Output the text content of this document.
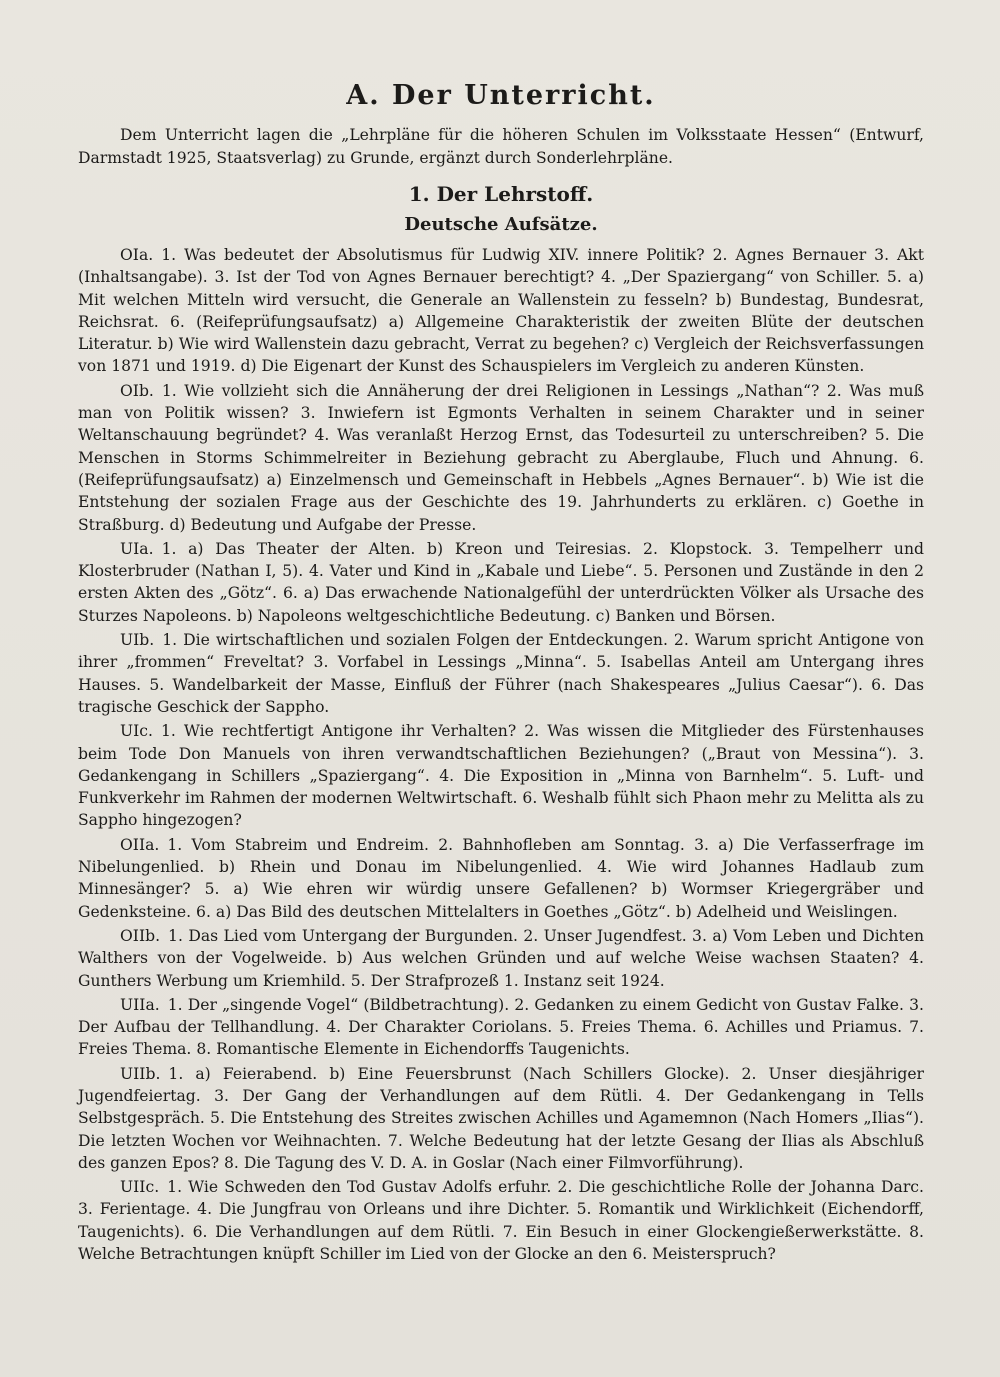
A. Der Unterricht.

Dem Unterricht lagen die „Lehrpläne für die höheren Schulen im Volksstaate Hessen“ (Entwurf, Darmstadt 1925, Staatsverlag) zu Grunde, ergänzt durch Sonderlehrpläne.

1. Der Lehrstoff.
Deutsche Aufsätze.

OIa. 1. Was bedeutet der Absolutismus für Ludwig XIV. innere Politik? 2. Agnes Bernauer 3. Akt (Inhaltsangabe). 3. Ist der Tod von Agnes Bernauer berechtigt? 4. „Der Spaziergang“ von Schiller. 5. a) Mit welchen Mitteln wird versucht, die Generale an Wallenstein zu fesseln? b) Bundestag, Bundesrat, Reichsrat. 6. (Reifeprüfungsaufsatz) a) Allgemeine Charakteristik der zweiten Blüte der deutschen Literatur. b) Wie wird Wallenstein dazu gebracht, Verrat zu begehen? c) Vergleich der Reichsverfassungen von 1871 und 1919. d) Die Eigenart der Kunst des Schauspielers im Vergleich zu anderen Künsten.

OIb. 1. Wie vollzieht sich die Annäherung der drei Religionen in Lessings „Nathan“? 2. Was muß man von Politik wissen? 3. Inwiefern ist Egmonts Verhalten in seinem Charakter und in seiner Weltanschauung begründet? 4. Was veranlaßt Herzog Ernst, das Todesurteil zu unterschreiben? 5. Die Menschen in Storms Schimmelreiter in Beziehung gebracht zu Aberglaube, Fluch und Ahnung. 6. (Reifeprüfungsaufsatz) a) Einzelmensch und Gemeinschaft in Hebbels „Agnes Bernauer“. b) Wie ist die Entstehung der sozialen Frage aus der Geschichte des 19. Jahrhunderts zu erklären. c) Goethe in Straßburg. d) Bedeutung und Aufgabe der Presse.

UIa. 1. a) Das Theater der Alten. b) Kreon und Teiresias. 2. Klopstock. 3. Tempelherr und Klosterbruder (Nathan I, 5). 4. Vater und Kind in „Kabale und Liebe“. 5. Personen und Zustände in den 2 ersten Akten des „Götz“. 6. a) Das erwachende Nationalgefühl der unterdrückten Völker als Ursache des Sturzes Napoleons. b) Napoleons weltgeschichtliche Bedeutung. c) Banken und Börsen.

UIb. 1. Die wirtschaftlichen und sozialen Folgen der Entdeckungen. 2. Warum spricht Antigone von ihrer „frommen“ Freveltat? 3. Vorfabel in Lessings „Minna“. 5. Isabellas Anteil am Untergang ihres Hauses. 5. Wandelbarkeit der Masse, Einfluß der Führer (nach Shakespeares „Julius Caesar“). 6. Das tragische Geschick der Sappho.

UIc. 1. Wie rechtfertigt Antigone ihr Verhalten? 2. Was wissen die Mitglieder des Fürstenhauses beim Tode Don Manuels von ihren verwandtschaftlichen Beziehungen? („Braut von Messina“). 3. Gedankengang in Schillers „Spaziergang“. 4. Die Exposition in „Minna von Barnhelm“. 5. Luft- und Funkverkehr im Rahmen der modernen Weltwirtschaft. 6. Weshalb fühlt sich Phaon mehr zu Melitta als zu Sappho hingezogen?

OIIa. 1. Vom Stabreim und Endreim. 2. Bahnhofleben am Sonntag. 3. a) Die Verfasserfrage im Nibelungenlied. b) Rhein und Donau im Nibelungenlied. 4. Wie wird Johannes Hadlaub zum Minnesänger? 5. a) Wie ehren wir würdig unsere Gefallenen? b) Wormser Kriegergräber und Gedenksteine. 6. a) Das Bild des deutschen Mittelalters in Goethes „Götz“. b) Adelheid und Weislingen.

OIIb. 1. Das Lied vom Untergang der Burgunden. 2. Unser Jugendfest. 3. a) Vom Leben und Dichten Walthers von der Vogelweide. b) Aus welchen Gründen und auf welche Weise wachsen Staaten? 4. Gunthers Werbung um Kriemhild. 5. Der Strafprozeß 1. Instanz seit 1924.

UIIa. 1. Der „singende Vogel“ (Bildbetrachtung). 2. Gedanken zu einem Gedicht von Gustav Falke. 3. Der Aufbau der Tellhandlung. 4. Der Charakter Coriolans. 5. Freies Thema. 6. Achilles und Priamus. 7. Freies Thema. 8. Romantische Elemente in Eichendorffs Taugenichts.

UIIb. 1. a) Feierabend. b) Eine Feuersbrunst (Nach Schillers Glocke). 2. Unser diesjähriger Jugendfeiertag. 3. Der Gang der Verhandlungen auf dem Rütli. 4. Der Gedankengang in Tells Selbstgespräch. 5. Die Entstehung des Streites zwischen Achilles und Agamemnon (Nach Homers „Ilias“). Die letzten Wochen vor Weihnachten. 7. Welche Bedeutung hat der letzte Gesang der Ilias als Abschluß des ganzen Epos? 8. Die Tagung des V. D. A. in Goslar (Nach einer Filmvorführung).

UIIc. 1. Wie Schweden den Tod Gustav Adolfs erfuhr. 2. Die geschichtliche Rolle der Johanna Darc. 3. Ferientage. 4. Die Jungfrau von Orleans und ihre Dichter. 5. Romantik und Wirklichkeit (Eichendorff, Taugenichts). 6. Die Verhandlungen auf dem Rütli. 7. Ein Besuch in einer Glockengießerwerkstätte. 8. Welche Betrachtungen knüpft Schiller im Lied von der Glocke an den 6. Meisterspruch?
